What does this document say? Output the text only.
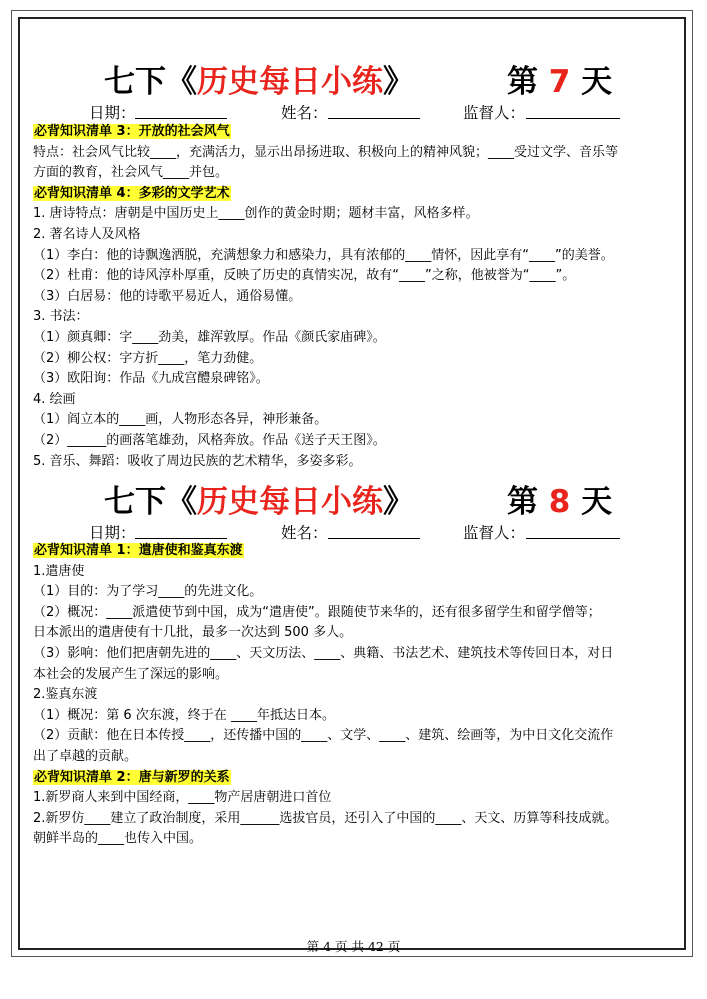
七下《历史每日小练》	第 7 天
日期：	姓名：	监督人：
必背知识清单 3：开放的社会风气
特点：社会风气比较____，充满活力，显示出昂扬进取、积极向上的精神风貌；____受过文学、音乐等
方面的教育，社会风气____并包。
必背知识清单 4：多彩的文学艺术
1. 唐诗特点：唐朝是中国历史上____创作的黄金时期；题材丰富，风格多样。
2. 著名诗人及风格
（1）李白：他的诗飘逸洒脱，充满想象力和感染力，具有浓郁的____情怀，因此享有“____”的美誉。
（2）杜甫：他的诗风淳朴厚重，反映了历史的真情实况，故有“____”之称，他被誉为“____”。
（3）白居易：他的诗歌平易近人，通俗易懂。
3. 书法：
（1）颜真卿：字____劲美，雄浑敦厚。作品《颜氏家庙碑》。
（2）柳公权：字方折____，笔力劲健。
（3）欧阳询：作品《九成宫醴泉碑铭》。
4. 绘画
（1）阎立本的____画，人物形态各异，神形兼备。
（2）______的画落笔雄劲，风格奔放。作品《送子天王图》。
5. 音乐、舞蹈：吸收了周边民族的艺术精华，多姿多彩。
七下《历史每日小练》	第 8 天
日期：	姓名：	监督人：
必背知识清单 1：遣唐使和鉴真东渡
1.遣唐使
（1）目的：为了学习____的先进文化。
（2）概况：____派遣使节到中国，成为“遣唐使”。跟随使节来华的，还有很多留学生和留学僧等；
日本派出的遣唐使有十几批，最多一次达到 500 多人。
（3）影响：他们把唐朝先进的____、天文历法、____、典籍、书法艺术、建筑技术等传回日本，对日
本社会的发展产生了深远的影响。
2.鉴真东渡
（1）概况：第 6 次东渡，终于在 ____年抵达日本。
（2）贡献：他在日本传授____，还传播中国的____、文学、____、建筑、绘画等，为中日文化交流作
出了卓越的贡献。
必背知识清单 2：唐与新罗的关系
1.新罗商人来到中国经商，____物产居唐朝进口首位
2.新罗仿____建立了政治制度，采用______选拔官员，还引入了中国的____、天文、历算等科技成就。
朝鲜半岛的____也传入中国。
第 4 页 共 42 页
